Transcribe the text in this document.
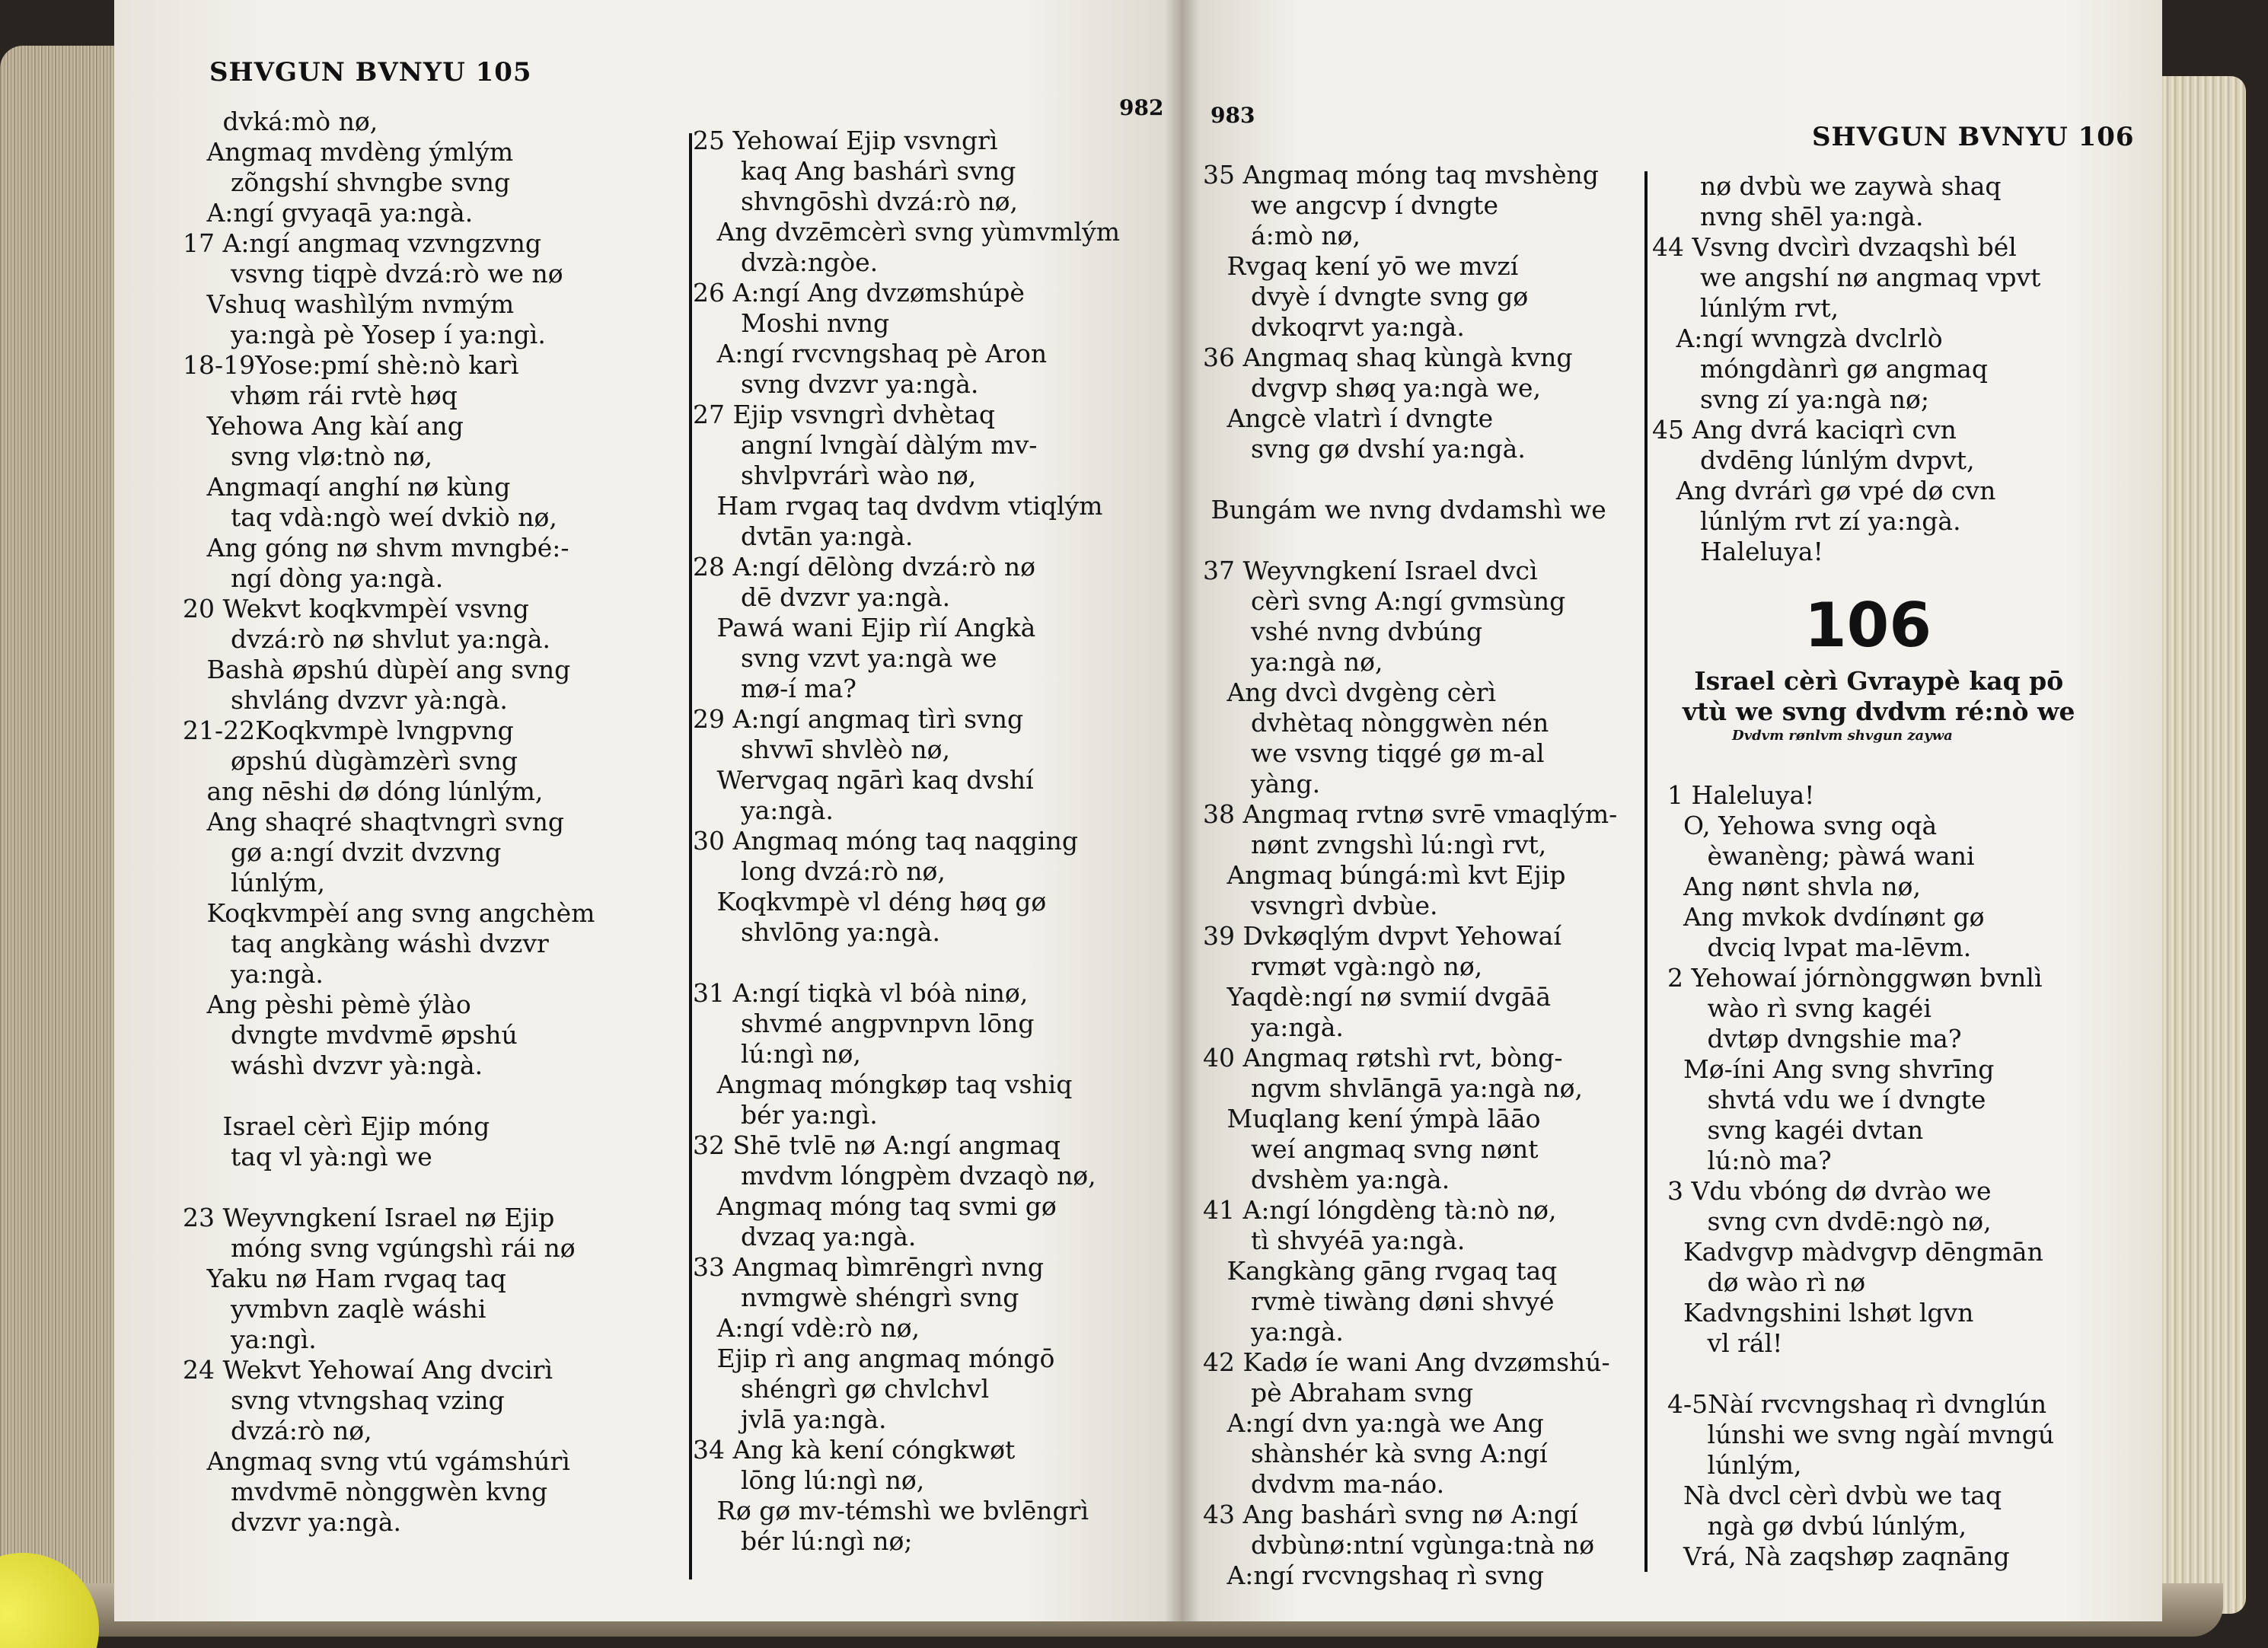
SHVGUN BVNYU 105
982
dvká:mò nø,
Angmaq mvdèng ýmlým
zõngshí shvngbe svng
A:ngí gvyaqā ya:ngà.
17 A:ngí angmaq vzvngzvng
vsvng tiqpè dvzá:rò we nø
Vshuq washìlým nvmým
ya:ngà pè Yosep í ya:ngì.
18-19Yose:pmí shè:nò karì
vhøm rái rvtè høq
Yehowa Ang kàí ang
svng vlø:tnò nø,
Angmaqí anghí nø kùng
taq vdà:ngò weí dvkiò nø,
Ang góng nø shvm mvngbé:-
ngí dòng ya:ngà.
20 Wekvt koqkvmpèí vsvng
dvzá:rò nø shvlut ya:ngà.
Bashà øpshú dùpèí ang svng
shvláng dvzvr yà:ngà.
21-22Koqkvmpè lvngpvng
øpshú dùgàmzèrì svng
ang nēshi dø dóng lúnlým,
Ang shaqré shaqtvngrì svng
gø a:ngí dvzit dvzvng
lúnlým,
Koqkvmpèí ang svng angchèm
taq angkàng wáshì dvzvr
ya:ngà.
Ang pèshi pèmè ýlào
dvngte mvdvmē øpshú
wáshì dvzvr yà:ngà.

Israel cèrì Ejip móng
taq vl yà:ngì we

23 Weyvngkení Israel nø Ejip
móng svng vgúngshì rái nø
Yaku nø Ham rvgaq taq
yvmbvn zaqlè wáshi
ya:ngì.
24 Wekvt Yehowaí Ang dvcirì
svng vtvngshaq vzing
dvzá:rò nø,
Angmaq svng vtú vgámshúrì
mvdvmē nònggwèn kvng
dvzvr ya:ngà.
25 Yehowaí Ejip vsvngrì
kaq Ang bashárì svng
shvngōshì dvzá:rò nø,
Ang dvzēmcèrì svng yùmvmlým
dvzà:ngòe.
26 A:ngí Ang dvzømshúpè
Moshi nvng
A:ngí rvcvngshaq pè Aron
svng dvzvr ya:ngà.
27 Ejip vsvngrì dvhètaq
angní lvngàí dàlým mv-
shvlpvrárì wào nø,
Ham rvgaq taq dvdvm vtiqlým
dvtān ya:ngà.
28 A:ngí dēlòng dvzá:rò nø
dē dvzvr ya:ngà.
Pawá wani Ejip rìí Angkà
svng vzvt ya:ngà we
mø-í ma?
29 A:ngí angmaq tìrì svng
shvwī shvlèò nø,
Wervgaq ngārì kaq dvshí
ya:ngà.
30 Angmaq móng taq naqging
long dvzá:rò nø,
Koqkvmpè vl déng høq gø
shvlōng ya:ngà.

31 A:ngí tiqkà vl bóà ninø,
shvmé angpvnpvn lōng
lú:ngì nø,
Angmaq móngkøp taq vshiq
bér ya:ngì.
32 Shē tvlē nø A:ngí angmaq
mvdvm lóngpèm dvzaqò nø,
Angmaq móng taq svmi gø
dvzaq ya:ngà.
33 Angmaq bìmrēngrì nvng
nvmgwè shéngrì svng
A:ngí vdè:rò nø,
Ejip rì ang angmaq móngō
shéngrì gø chvlchvl
jvlā ya:ngà.
34 Ang kà kení cóngkwøt
lōng lú:ngì nø,
Rø gø mv-témshì we bvlēngrì
bér lú:ngì nø;
983
SHVGUN BVNYU 106
35 Angmaq móng taq mvshèng
we angcvp í dvngte
á:mò nø,
Rvgaq kení yō we mvzí
dvyè í dvngte svng gø
dvkoqrvt ya:ngà.
36 Angmaq shaq kùngà kvng
dvgvp shøq ya:ngà we,
Angcè vlatrì í dvngte
svng gø dvshí ya:ngà.

Bungám we nvng dvdamshì we

37 Weyvngkení Israel dvcì
cèrì svng A:ngí gvmsùng
vshé nvng dvbúng
ya:ngà nø,
Ang dvcì dvgèng cèrì
dvhètaq nònggwèn nén
we vsvng tiqgé gø m-al
yàng.
38 Angmaq rvtnø svrē vmaqlým-
nønt zvngshì lú:ngì rvt,
Angmaq búngá:mì kvt Ejip
vsvngrì dvbùe.
39 Dvkøqlým dvpvt Yehowaí
rvmøt vgà:ngò nø,
Yaqdè:ngí nø svmií dvgāā
ya:ngà.
40 Angmaq røtshì rvt, bòng-
ngvm shvlāngā ya:ngà nø,
Muqlang kení ýmpà lāāo
weí angmaq svng nønt
dvshèm ya:ngà.
41 A:ngí lóngdèng tà:nò nø,
tì shvyéā ya:ngà.
Kangkàng gāng rvgaq taq
rvmè tiwàng døni shvyé
ya:ngà.
42 Kadø íe wani Ang dvzømshú-
pè Abraham svng
A:ngí dvn ya:ngà we Ang
shànshér kà svng A:ngí
dvdvm ma-náo.
43 Ang bashárì svng nø A:ngí
dvbùnø:ntní vgùnga:tnà nø
A:ngí rvcvngshaq rì svng
nø dvbù we zaywà shaq
nvng shēl ya:ngà.
44 Vsvng dvcìrì dvzaqshì bél
we angshí nø angmaq vpvt
lúnlým rvt,
A:ngí wvngzà dvclrlò
móngdànrì gø angmaq
svng zí ya:ngà nø;
45 Ang dvrá kaciqrì cvn
dvdēng lúnlým dvpvt,
Ang dvrárì gø vpé dø cvn
lúnlým rvt zí ya:ngà.
Haleluya!
106
Israel cèrì Gvraypè kaq pō
vtù we svng dvdvm ré:nò we
Dvdvm rønlvm shvgun zaywa
1 Haleluya!
O, Yehowa svng oqà
èwanèng; pàwá wani
Ang nønt shvla nø,
Ang mvkok dvdínønt gø
dvciq lvpat ma-lēvm.
2 Yehowaí jórnònggwøn bvnlì
wào rì svng kagéi
dvtøp dvngshie ma?
Mø-íni Ang svng shvrīng
shvtá vdu we í dvngte
svng kagéi dvtan
lú:nò ma?
3 Vdu vbóng dø dvrào we
svng cvn dvdē:ngò nø,
Kadvgvp màdvgvp dēngmān
dø wào rì nø
Kadvngshini lshøt lgvn
vl rál!

4-5Nàí rvcvngshaq rì dvnglún
lúnshi we svng ngàí mvngú
lúnlým,
Nà dvcl cèrì dvbù we taq
ngà gø dvbú lúnlým,
Vrá, Nà zaqshøp zaqnāng
